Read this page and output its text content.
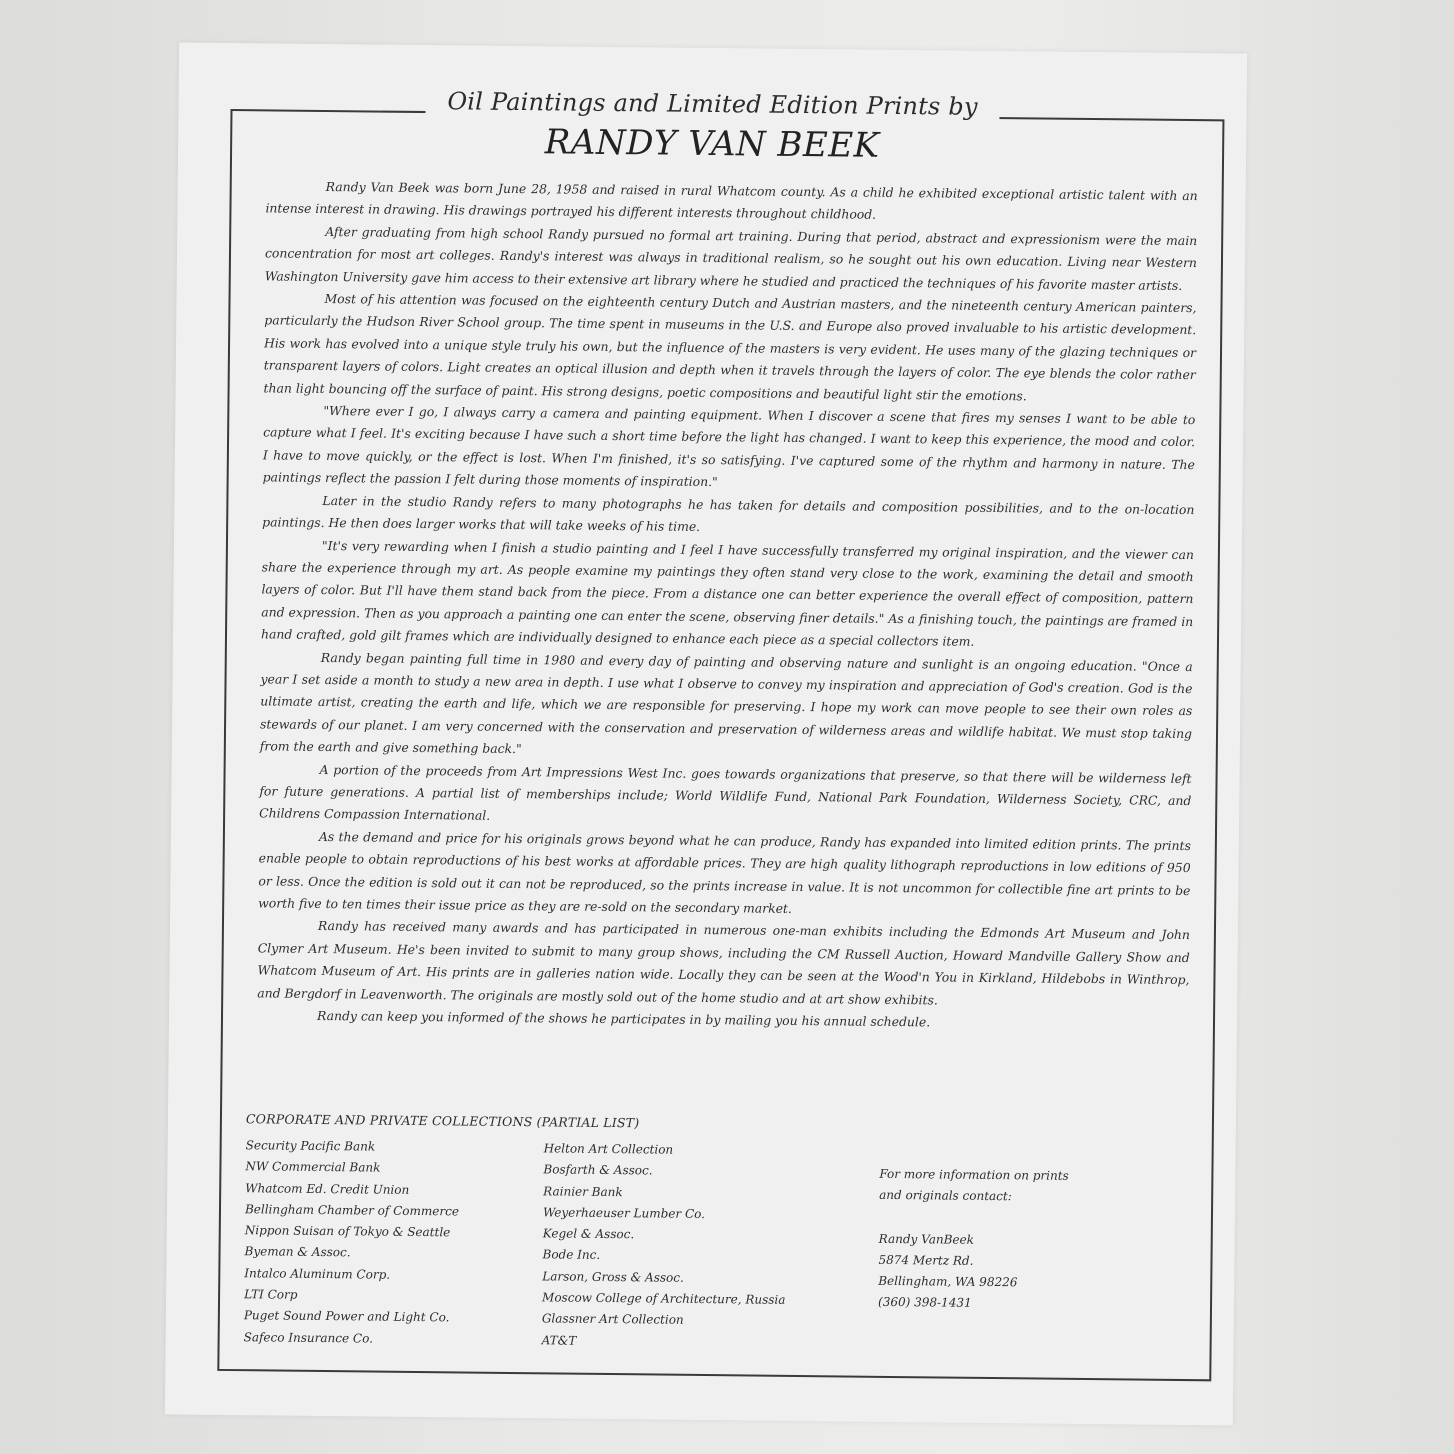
Oil Paintings and Limited Edition Prints by
RANDY VAN BEEK

Randy Van Beek was born June 28, 1958 and raised in rural Whatcom county. As a child he exhibited exceptional artistic talent with an intense interest in drawing. His drawings portrayed his different interests throughout childhood.

After graduating from high school Randy pursued no formal art training. During that period, abstract and expressionism were the main concentration for most art colleges. Randy's interest was always in traditional realism, so he sought out his own education. Living near Western Washington University gave him access to their extensive art library where he studied and practiced the techniques of his favorite master artists.

Most of his attention was focused on the eighteenth century Dutch and Austrian masters, and the nineteenth century American painters, particularly the Hudson River School group. The time spent in museums in the U.S. and Europe also proved invaluable to his artistic development. His work has evolved into a unique style truly his own, but the influence of the masters is very evident. He uses many of the glazing techniques or transparent layers of colors. Light creates an optical illusion and depth when it travels through the layers of color. The eye blends the color rather than light bouncing off the surface of paint. His strong designs, poetic compositions and beautiful light stir the emotions.

"Where ever I go, I always carry a camera and painting equipment. When I discover a scene that fires my senses I want to be able to capture what I feel. It's exciting because I have such a short time before the light has changed. I want to keep this experience, the mood and color. I have to move quickly, or the effect is lost. When I'm finished, it's so satisfying. I've captured some of the rhythm and harmony in nature. The paintings reflect the passion I felt during those moments of inspiration."

Later in the studio Randy refers to many photographs he has taken for details and composition possibilities, and to the on-location paintings. He then does larger works that will take weeks of his time.

"It's very rewarding when I finish a studio painting and I feel I have successfully transferred my original inspiration, and the viewer can share the experience through my art. As people examine my paintings they often stand very close to the work, examining the detail and smooth layers of color. But I'll have them stand back from the piece. From a distance one can better experience the overall effect of composition, pattern and expression. Then as you approach a painting one can enter the scene, observing finer details." As a finishing touch, the paintings are framed in hand crafted, gold gilt frames which are individually designed to enhance each piece as a special collectors item.

Randy began painting full time in 1980 and every day of painting and observing nature and sunlight is an ongoing education. "Once a year I set aside a month to study a new area in depth. I use what I observe to convey my inspiration and appreciation of God's creation. God is the ultimate artist, creating the earth and life, which we are responsible for preserving. I hope my work can move people to see their own roles as stewards of our planet. I am very concerned with the conservation and preservation of wilderness areas and wildlife habitat. We must stop taking from the earth and give something back."

A portion of the proceeds from Art Impressions West Inc. goes towards organizations that preserve, so that there will be wilderness left for future generations. A partial list of memberships include; World Wildlife Fund, National Park Foundation, Wilderness Society, CRC, and Childrens Compassion International.

As the demand and price for his originals grows beyond what he can produce, Randy has expanded into limited edition prints. The prints enable people to obtain reproductions of his best works at affordable prices. They are high quality lithograph reproductions in low editions of 950 or less. Once the edition is sold out it can not be reproduced, so the prints increase in value. It is not uncommon for collectible fine art prints to be worth five to ten times their issue price as they are re-sold on the secondary market.

Randy has received many awards and has participated in numerous one-man exhibits including the Edmonds Art Museum and John Clymer Art Museum. He's been invited to submit to many group shows, including the CM Russell Auction, Howard Mandville Gallery Show and Whatcom Museum of Art. His prints are in galleries nation wide. Locally they can be seen at the Wood'n You in Kirkland, Hildebobs in Winthrop, and Bergdorf in Leavenworth. The originals are mostly sold out of the home studio and at art show exhibits.

Randy can keep you informed of the shows he participates in by mailing you his annual schedule.

CORPORATE AND PRIVATE COLLECTIONS (PARTIAL LIST)
Security Pacific Bank
NW Commercial Bank
Whatcom Ed. Credit Union
Bellingham Chamber of Commerce
Nippon Suisan of Tokyo & Seattle
Byeman & Assoc.
Intalco Aluminum Corp.
LTI Corp
Puget Sound Power and Light Co.
Safeco Insurance Co.
Helton Art Collection
Bosfarth & Assoc.
Rainier Bank
Weyerhaeuser Lumber Co.
Kegel & Assoc.
Bode Inc.
Larson, Gross & Assoc.
Moscow College of Architecture, Russia
Glassner Art Collection
AT&T
For more information on prints
and originals contact:
Randy VanBeek
5874 Mertz Rd.
Bellingham, WA 98226
(360) 398-1431
